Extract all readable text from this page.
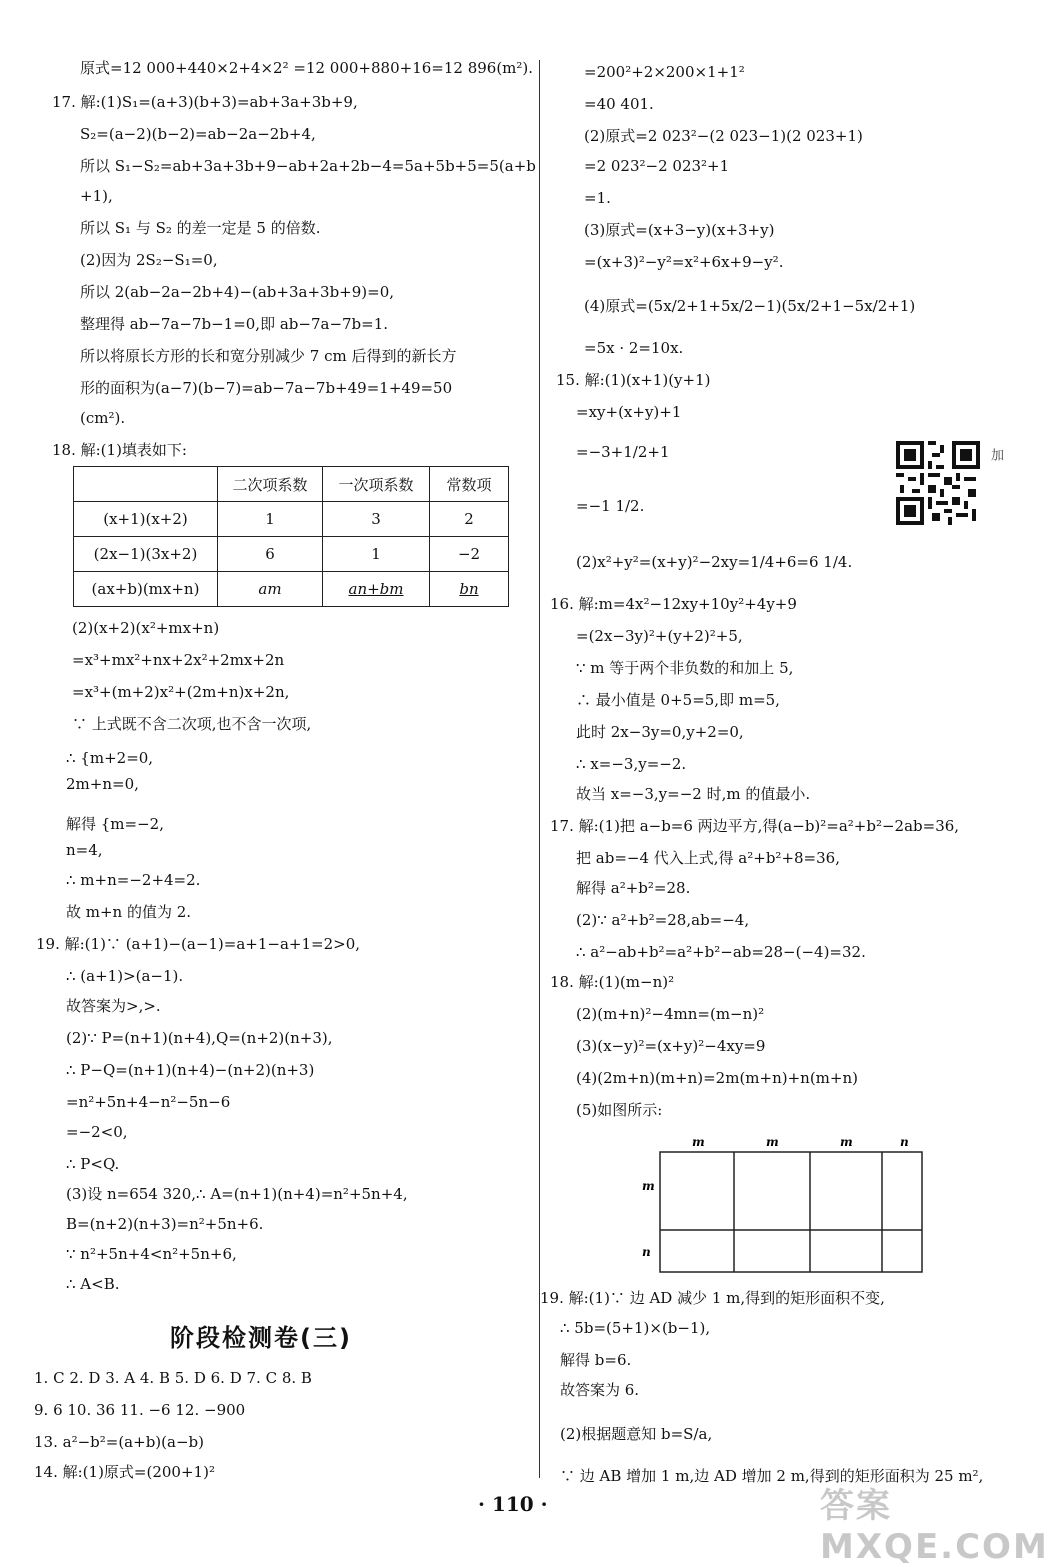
原式=12 000+440×2+4×2² =12 000+880+16=12 896(m²).
17. 解:(1)S₁=(a+3)(b+3)=ab+3a+3b+9,
S₂=(a−2)(b−2)=ab−2a−2b+4,
所以 S₁−S₂=ab+3a+3b+9−ab+2a+2b−4=5a+5b+5=5(a+b
+1),
所以 S₁ 与 S₂ 的差一定是 5 的倍数.
(2)因为 2S₂−S₁=0,
所以 2(ab−2a−2b+4)−(ab+3a+3b+9)=0,
整理得 ab−7a−7b−1=0,即 ab−7a−7b=1.
所以将原长方形的长和宽分别减少 7 cm 后得到的新长方
形的面积为(a−7)(b−7)=ab−7a−7b+49=1+49=50
(cm²).
18. 解:(1)填表如下:
(2)(x+2)(x²+mx+n)
=x³+mx²+nx+2x²+2mx+2n
=x³+(m+2)x²+(2m+n)x+2n,
∵ 上式既不含二次项,也不含一次项,
∴ {m+2=0,
2m+n=0,
解得 {m=−2,
n=4,
∴ m+n=−2+4=2.
故 m+n 的值为 2.
19. 解:(1)∵ (a+1)−(a−1)=a+1−a+1=2>0,
∴ (a+1)>(a−1).
故答案为>,>.
(2)∵ P=(n+1)(n+4),Q=(n+2)(n+3),
∴ P−Q=(n+1)(n+4)−(n+2)(n+3)
=n²+5n+4−n²−5n−6
=−2<0,
∴ P<Q.
(3)设 n=654 320,∴ A=(n+1)(n+4)=n²+5n+4,
B=(n+2)(n+3)=n²+5n+6.
∵ n²+5n+4<n²+5n+6,
∴ A<B.
1. C 2. D 3. A 4. B 5. D 6. D 7. C 8. B
9. 6 10. 36 11. −6 12. −900
13. a²−b²=(a+b)(a−b)
14. 解:(1)原式=(200+1)²
=200²+2×200×1+1²
=40 401.
(2)原式=2 023²−(2 023−1)(2 023+1)
=2 023²−2 023²+1
=1.
(3)原式=(x+3−y)(x+3+y)
=(x+3)²−y²=x²+6x+9−y².
(4)原式=(5x/2+1+5x/2−1)(5x/2+1−5x/2+1)
=5x · 2=10x.
15. 解:(1)(x+1)(y+1)
=xy+(x+y)+1
=−3+1/2+1
=−1 1/2.
(2)x²+y²=(x+y)²−2xy=1/4+6=6 1/4.
16. 解:m=4x²−12xy+10y²+4y+9
=(2x−3y)²+(y+2)²+5,
∵ m 等于两个非负数的和加上 5,
∴ 最小值是 0+5=5,即 m=5,
此时 2x−3y=0,y+2=0,
∴ x=−3,y=−2.
故当 x=−3,y=−2 时,m 的值最小.
17. 解:(1)把 a−b=6 两边平方,得(a−b)²=a²+b²−2ab=36,
把 ab=−4 代入上式,得 a²+b²+8=36,
解得 a²+b²=28.
(2)∵ a²+b²=28,ab=−4,
∴ a²−ab+b²=a²+b²−ab=28−(−4)=32.
18. 解:(1)(m−n)²
(2)(m+n)²−4mn=(m−n)²
(3)(x−y)²=(x+y)²−4xy=9
(4)(2m+n)(m+n)=2m(m+n)+n(m+n)
(5)如图所示:
19. 解:(1)∵ 边 AD 减少 1 m,得到的矩形面积不变,
∴ 5b=(5+1)×(b−1),
解得 b=6.
故答案为 6.
(2)根据题意知 b=S/a,
∵ 边 AB 增加 1 m,边 AD 增加 2 m,得到的矩形面积为 25 m²,
	二次项系数	一次项系数	常数项
(x+1)(x+2)	1	3	2
(2x−1)(3x+2)	6	1	−2
(ax+b)(mx+n)	am	an+bm	bn
阶段检测卷(三)
· 110 ·
m	m	m	n
m
n
加
答案 MXQE.COM
